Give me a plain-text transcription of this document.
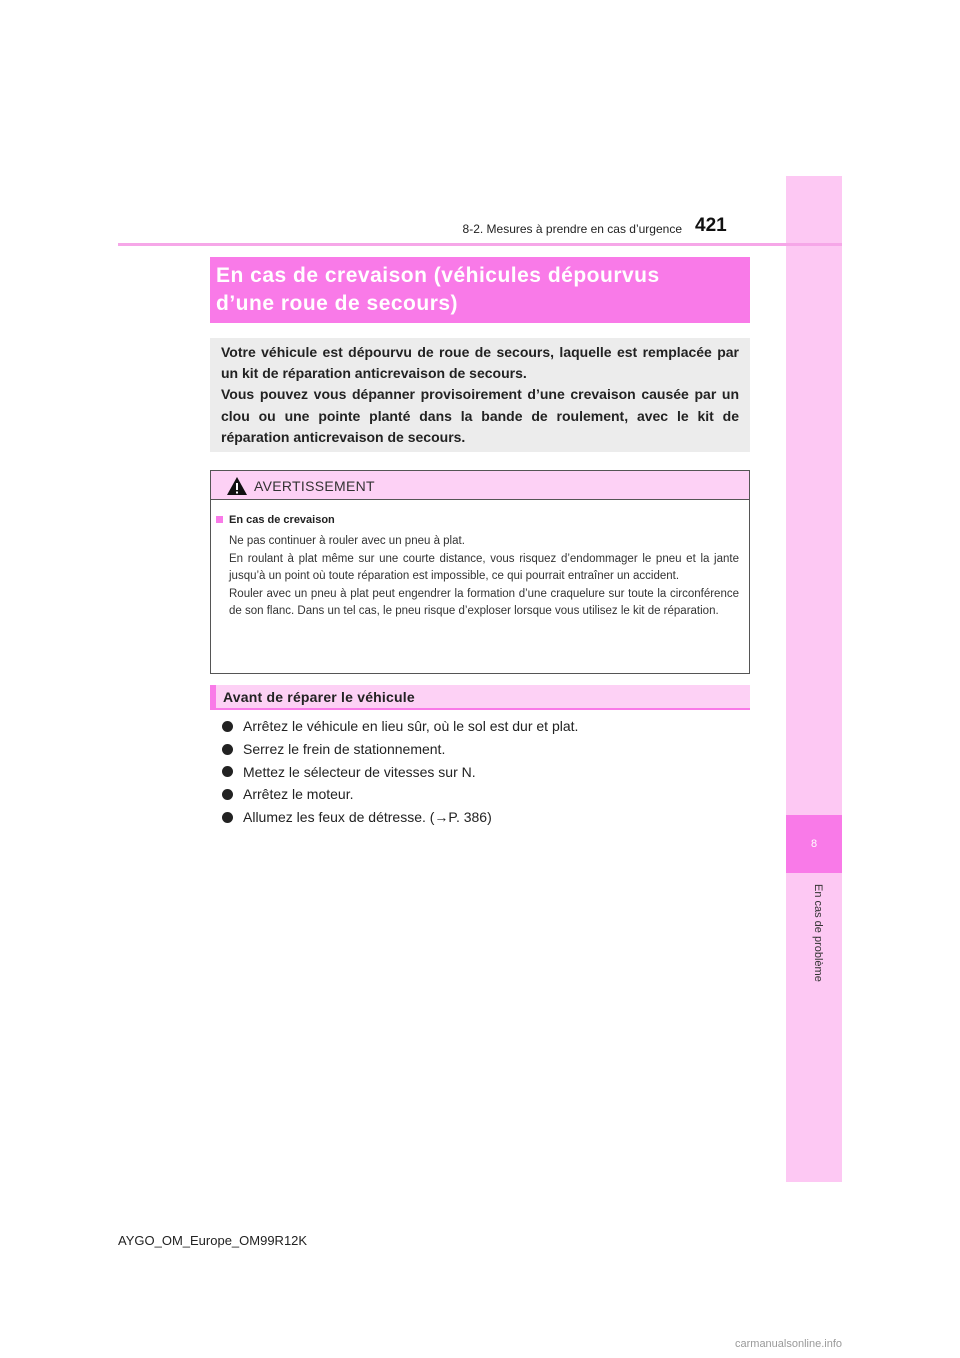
8
En cas de problème
8-2. Mesures à prendre en cas d’urgence 421
En cas de crevaison (véhicules dépourvus
d’une roue de secours)
Votre véhicule est dépourvu de roue de secours, laquelle est remplacée par un kit de réparation anticrevaison de secours.
Vous pouvez vous dépanner provisoirement d’une crevaison causée par un clou ou une pointe planté dans la bande de roulement, avec le kit de réparation anticrevaison de secours.
AVERTISSEMENT
En cas de crevaison

Ne pas continuer à rouler avec un pneu à plat.

En roulant à plat même sur une courte distance, vous risquez d’endommager le pneu et la jante jusqu’à un point où toute réparation est impossible, ce qui pourrait entraîner un accident.

Rouler avec un pneu à plat peut engendrer la formation d’une craquelure sur toute la circonférence de son flanc. Dans un tel cas, le pneu risque d’exploser lorsque vous utilisez le kit de réparation.

Avant de réparer le véhicule
Arrêtez le véhicule en lieu sûr, où le sol est dur et plat.
Serrez le frein de stationnement.
Mettez le sélecteur de vitesses sur N.
Arrêtez le moteur.
Allumez les feux de détresse. (→P. 386)
AYGO_OM_Europe_OM99R12K
carmanualsonline.info
